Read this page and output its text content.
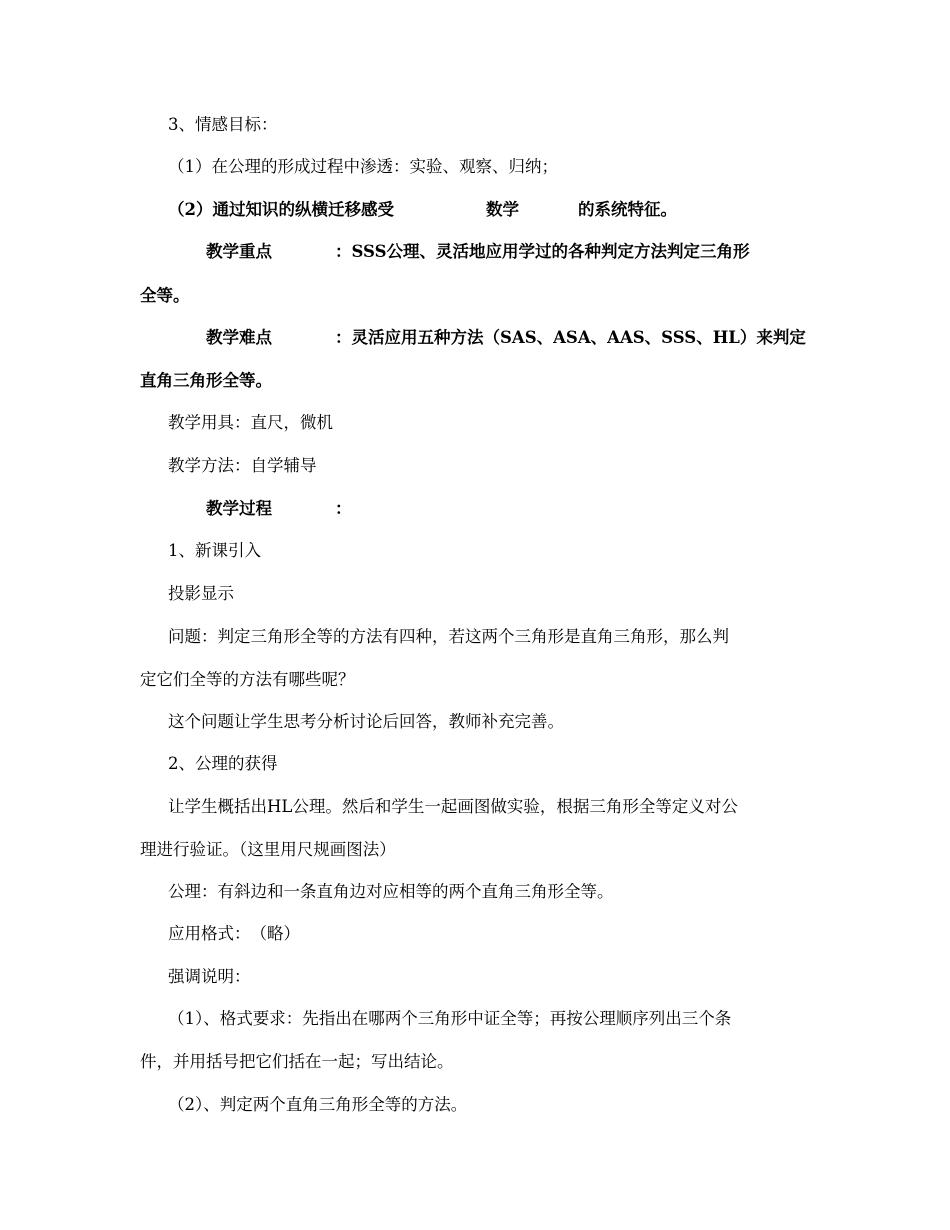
3、情感目标：
（1）在公理的形成过程中渗透：实验、观察、归纳；
（2）通过知识的纵横迁移感受	数学	的系统特征。
教学重点	：SSS公理、灵活地应用学过的各种判定方法判定三角形
全等。
教学难点	：灵活应用五种方法（SAS、ASA、AAS、SSS、HL）来判定
直角三角形全等。
教学用具：直尺，微机
教学方法：自学辅导
教学过程	：
1、新课引入
投影显示
问题：判定三角形全等的方法有四种，若这两个三角形是直角三角形，那么判
定它们全等的方法有哪些呢？
这个问题让学生思考分析讨论后回答，教师补充完善。
2、公理的获得
让学生概括出HL公理。然后和学生一起画图做实验，根据三角形全等定义对公
理进行验证。（这里用尺规画图法）
公理：有斜边和一条直角边对应相等的两个直角三角形全等。
应用格式：　（略）
强调说明：
（1）、格式要求：先指出在哪两个三角形中证全等；再按公理顺序列出三个条
件，并用括号把它们括在一起；写出结论。
（2）、判定两个直角三角形全等的方法。
